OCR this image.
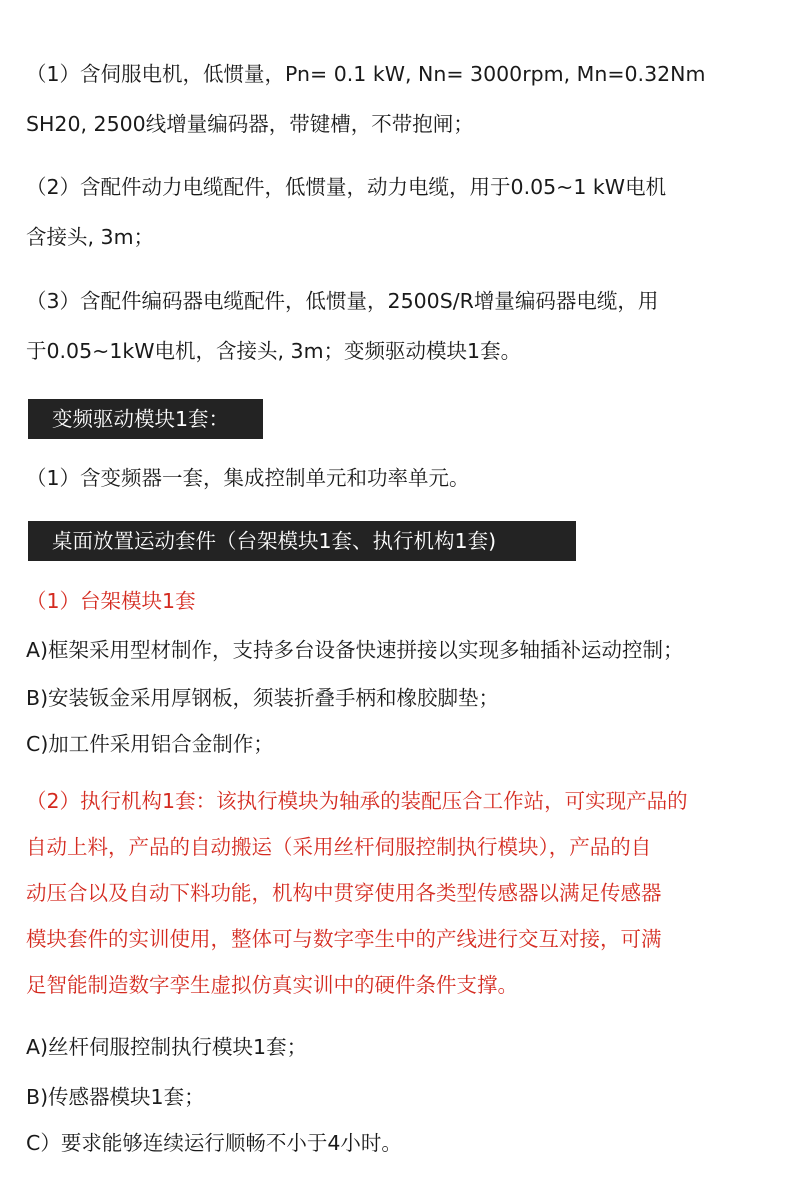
（1）含伺服电机，低惯量，Pn= 0.1 kW, Nn= 3000rpm, Mn=0.32Nm
SH20, 2500线增量编码器，带键槽，不带抱闸；
（2）含配件动力电缆配件，低惯量，动力电缆，用于0.05~1 kW电机
含接头, 3m；
（3）含配件编码器电缆配件，低惯量，2500S/R增量编码器电缆，用
于0.05~1kW电机，含接头, 3m；变频驱动模块1套。
变频驱动模块1套：
（1）含变频器一套，集成控制单元和功率单元。
桌面放置运动套件（台架模块1套、执行机构1套)
（1）台架模块1套
A)框架采用型材制作，支持多台设备快速拼接以实现多轴插补运动控制；
B)安装钣金采用厚钢板，须装折叠手柄和橡胶脚垫；
C)加工件采用铝合金制作；
（2）执行机构1套：该执行模块为轴承的装配压合工作站，可实现产品的
自动上料，产品的自动搬运（采用丝杆伺服控制执行模块），产品的自
动压合以及自动下料功能，机构中贯穿使用各类型传感器以满足传感器
模块套件的实训使用，整体可与数字孪生中的产线进行交互对接，可满
足智能制造数字孪生虚拟仿真实训中的硬件条件支撑。
A)丝杆伺服控制执行模块1套；
B)传感器模块1套；
C）要求能够连续运行顺畅不小于4小时。
